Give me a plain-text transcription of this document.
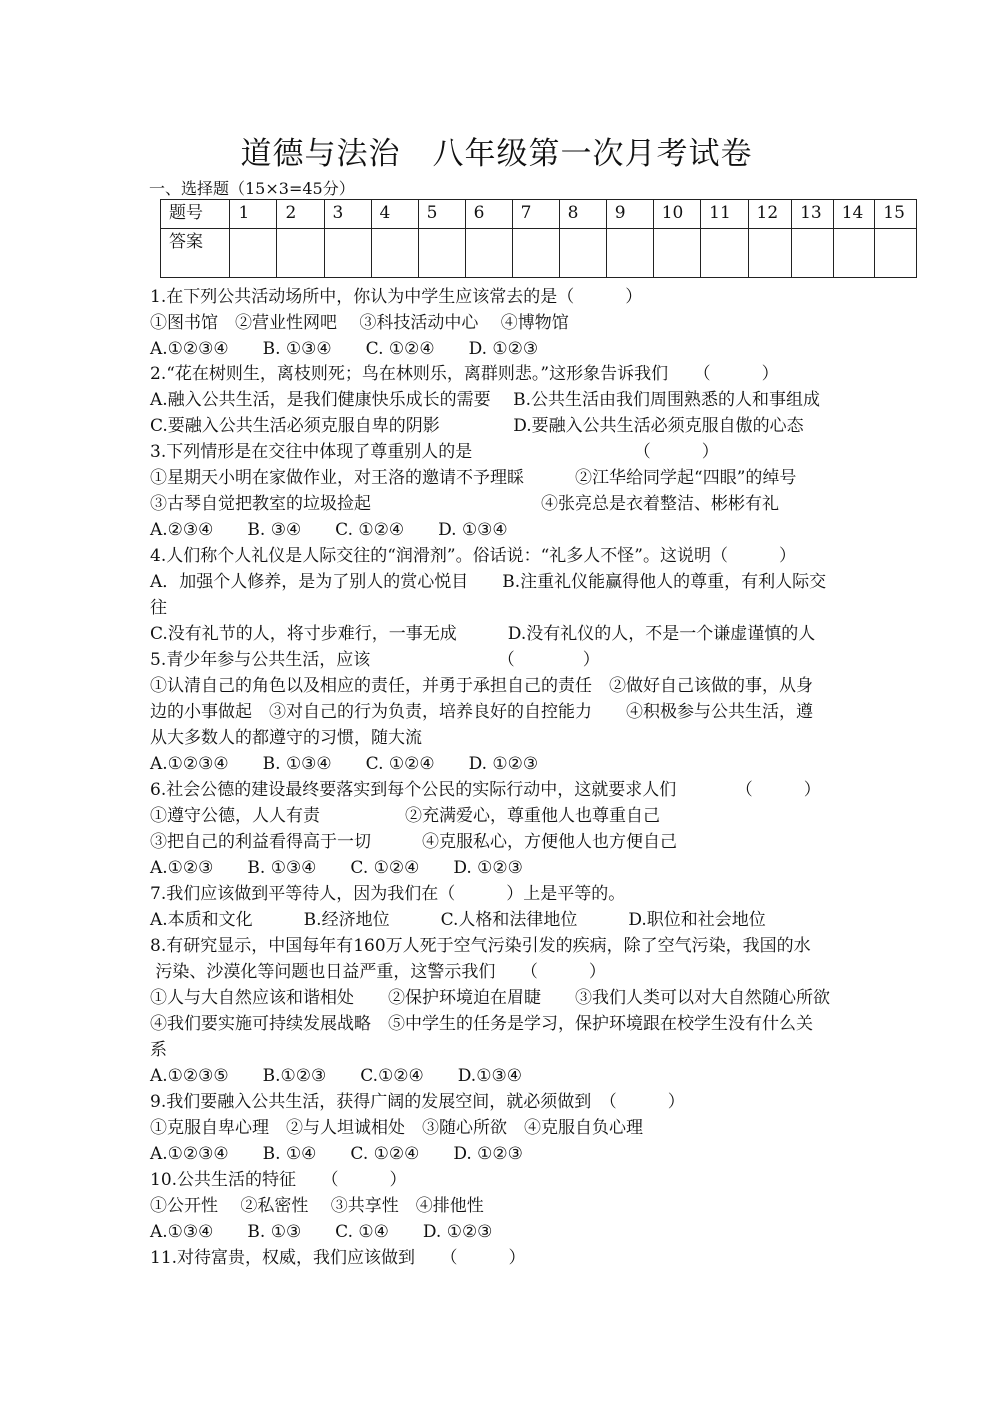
道德与法治　八年级第一次月考试卷
一、选择题（15×3=45分）
题号	1	2	3	4	5	6	7	8	9	10	11	12	13	14	15
答案															
1.在下列公共活动场所中，你认为中学生应该常去的是（　　　）
①图书馆　②营业性网吧　 ③科技活动中心　 ④博物馆
A.①②③④　　B. ①③④　　C. ①②④　　D. ①②③
2.“花在树则生，离枝则死；鸟在林则乐，离群则悲。”这形象告诉我们　　（　　　）
A.融入公共生活，是我们健康快乐成长的需要　 B.公共生活由我们周围熟悉的人和事组成
C.要融入公共生活必须克服自卑的阴影　　　　 D.要融入公共生活必须克服自傲的心态
3.下列情形是在交往中体现了尊重别人的是　　　　　　　　　　（　　　）
①星期天小明在家做作业，对王洛的邀请不予理睬　　　②江华给同学起“四眼”的绰号
③古琴自觉把教室的垃圾捡起　　　　　　　　　　④张亮总是衣着整洁、彬彬有礼
A.②③④　　B. ③④　　C. ①②④　　D. ①③④
4.人们称个人礼仪是人际交往的“润滑剂”。俗话说：“礼多人不怪”。这说明（　　　）
A．加强个人修养，是为了别人的赏心悦目　　B.注重礼仪能赢得他人的尊重，有利人际交
往
C.没有礼节的人，将寸步难行，一事无成　　　D.没有礼仪的人，不是一个谦虚谨慎的人
5.青少年参与公共生活，应该　　　　　　　　（　　　　）
①认清自己的角色以及相应的责任，并勇于承担自己的责任　②做好自己该做的事，从身
边的小事做起　③对自己的行为负责，培养良好的自控能力　　④积极参与公共生活，遵
从大多数人的都遵守的习惯，随大流
A.①②③④　　B. ①③④　　C. ①②④　　D. ①②③
6.社会公德的建设最终要落实到每个公民的实际行动中，这就要求人们　　　　（　　　）
①遵守公德，人人有责　　　　　②充满爱心，尊重他人也尊重自己
③把自己的利益看得高于一切　　　④克服私心，方便他人也方便自己
A.①②③　　B. ①③④　　C. ①②④　　D. ①②③
7.我们应该做到平等待人，因为我们在（　　　）上是平等的。
A.本质和文化　　　B.经济地位　　　C.人格和法律地位　　　D.职位和社会地位
8.有研究显示，中国每年有160万人死于空气污染引发的疾病，除了空气污染，我国的水
污染、沙漠化等问题也日益严重，这警示我们　　（　　　）
①人与大自然应该和谐相处　　②保护环境迫在眉睫　　③我们人类可以对大自然随心所欲
④我们要实施可持续发展战略　⑤中学生的任务是学习，保护环境跟在校学生没有什么关
系
A.①②③⑤　　B.①②③　　C.①②④　　D.①③④
9.我们要融入公共生活，获得广阔的发展空间，就必须做到　（　　　）
①克服自卑心理　②与人坦诚相处　③随心所欲　④克服自负心理
A.①②③④　　B. ①④　　C. ①②④　　D. ①②③
10.公共生活的特征　　（　　　）
①公开性　 ②私密性　 ③共享性　④排他性
A.①③④　　B. ①③　　C. ①④　　D. ①②③
11.对待富贵，权威，我们应该做到　　（　　　）
